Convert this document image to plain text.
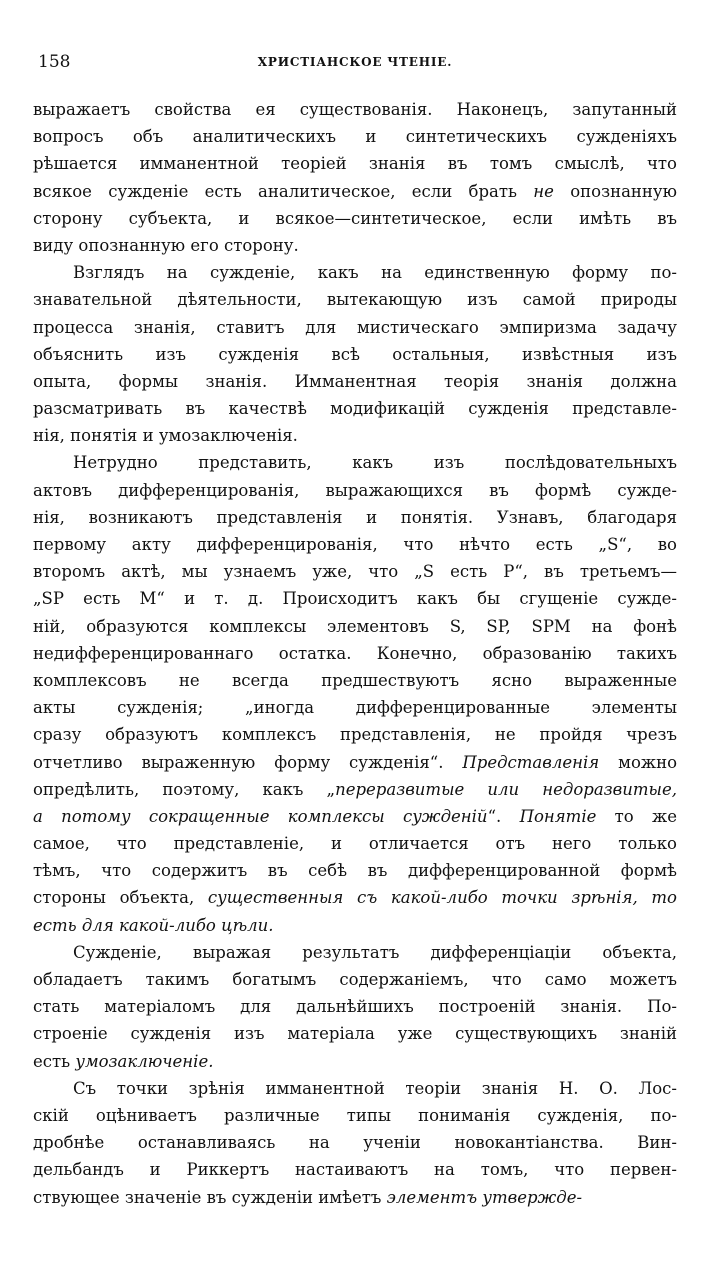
158	ХРИСТІАНСКОЕ ЧТЕНІЕ.
выражаетъ свойства ея существованія. Наконецъ, запутанный
вопросъ объ аналитическихъ и синтетическихъ сужденіяхъ
рѣшается имманентной теоріей знанія въ томъ смыслѣ, что
всякое сужденіе есть аналитическое, если брать не опознанную
сторону субъекта, и всякое—синтетическое, если имѣть въ
виду опознанную его сторону.
Взглядъ на сужденіе, какъ на единственную форму по-
знавательной дѣятельности, вытекающую изъ самой природы
процесса знанія, ставитъ для мистическаго эмпиризма задачу
объяснить изъ сужденія всѣ остальныя, извѣстныя изъ
опыта, формы знанія. Имманентная теорія знанія должна
разсматривать въ качествѣ модификацій сужденія представле-
нія, понятія и умозаключенія.
Нетрудно представить, какъ изъ послѣдовательныхъ
актовъ дифференцированія, выражающихся въ формѣ сужде-
нія, возникаютъ представленія и понятія. Узнавъ, благодаря
первому акту дифференцированія, что нѣчто есть „S“, во
второмъ актѣ, мы узнаемъ уже, что „S есть P“, въ третьемъ—
„SP есть M“ и т. д. Происходитъ какъ бы сгущеніе сужде-
ній, образуются комплексы элементовъ S, SP, SPM на фонѣ
недифференцированнаго остатка. Конечно, образованію такихъ
комплексовъ не всегда предшествуютъ ясно выраженные
акты сужденія; „иногда дифференцированные элементы
сразу образуютъ комплексъ представленія, не пройдя чрезъ
отчетливо выраженную форму сужденія“. Представленія можно
опредѣлить, поэтому, какъ „переразвитые или недоразвитые,
а потому сокращенные комплексы сужденій“. Понятіе то же
самое, что представленіе, и отличается отъ него только
тѣмъ, что содержитъ въ себѣ въ дифференцированной формѣ
стороны объекта, существенныя съ какой-либо точки зрѣнія, то
есть для какой-либо цѣли.
Сужденіе, выражая результатъ дифференціаціи объекта,
обладаетъ такимъ богатымъ содержаніемъ, что само можетъ
стать матеріаломъ для дальнѣйшихъ построеній знанія. По-
строеніе сужденія изъ матеріала уже существующихъ знаній
есть умозаключеніе.
Съ точки зрѣнія имманентной теоріи знанія Н. О. Лос-
скій оцѣниваетъ различные типы пониманія сужденія, по-
дробнѣе останавливаясь на ученіи новокантіанства. Вин-
дельбандъ и Риккертъ настаиваютъ на томъ, что первен-
ствующее значеніе въ сужденіи имѣетъ элементъ утвержде-
